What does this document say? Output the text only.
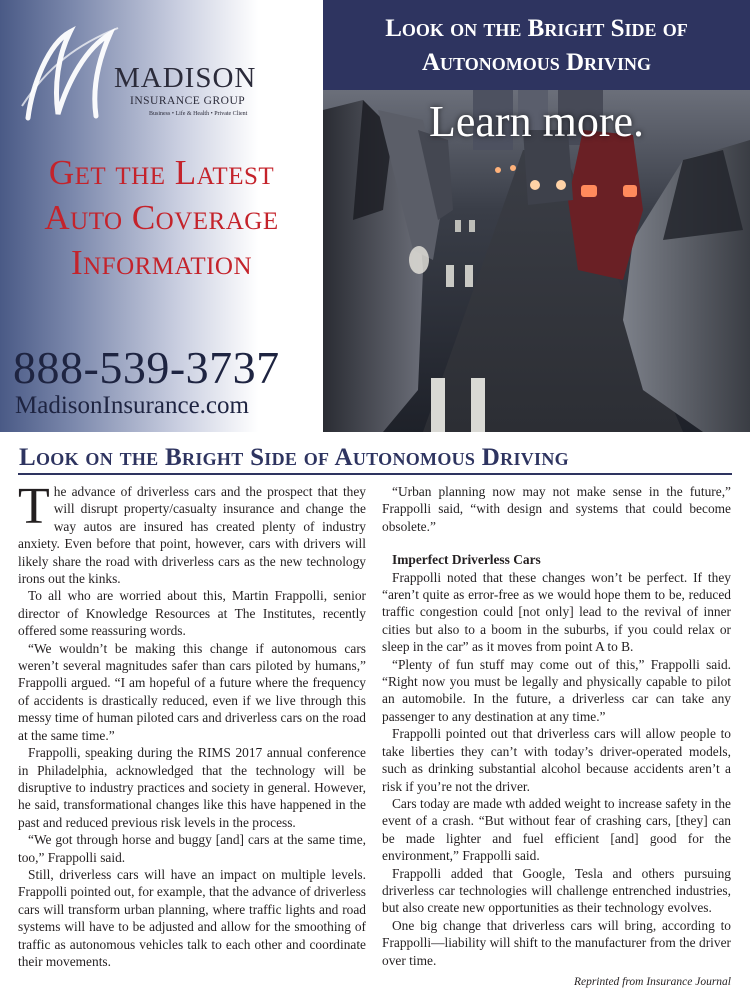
MADISON
INSURANCE GROUP
Business • Life & Health • Private Client
Get the Latest
Auto Coverage
Information
888-539-3737
MadisonInsurance.com
Look on the Bright Side of
Autonomous Driving
Learn more.
Look on the Bright Side of Autonomous Driving

The advance of driverless cars and the prospect that they will disrupt property/casualty insurance and change the way autos are insured has created plenty of industry anxiety. Even before that point, however, cars with drivers will likely share the road with driverless cars as the new technology irons out the kinks.

To all who are worried about this, Martin Frappolli, senior director of Knowledge Resources at The Institutes, recently offered some reassuring words.

“We wouldn’t be making this change if autonomous cars weren’t several magnitudes safer than cars piloted by humans,” Frappolli argued. “I am hopeful of a future where the frequency of accidents is drastically reduced, even if we live through this messy time of human piloted cars and driverless cars on the road at the same time.”

Frappolli, speaking during the RIMS 2017 annual conference in Philadelphia, acknowledged that the technology will be disruptive to industry practices and society in general. However, he said, transformational changes like this have happened in the past and reduced previous risk levels in the process.

“We got through horse and buggy [and] cars at the same time, too,” Frappolli said.

Still, driverless cars will have an impact on multiple levels. Frappolli pointed out, for example, that the advance of driverless cars will transform urban planning, where traffic lights and road systems will have to be adjusted and allow for the smoothing of traffic as autonomous vehicles talk to each other and coordinate their movements.

“Urban planning now may not make sense in the future,” Frappolli said, “with design and systems that could become obsolete.”

Imperfect Driverless Cars

Frappolli noted that these changes won’t be perfect. If they “aren’t quite as error-free as we would hope them to be, reduced traffic congestion could [not only] lead to the revival of inner cities but also to a boom in the suburbs, if you could relax or sleep in the car” as it moves from point A to B.

“Plenty of fun stuff may come out of this,” Frappolli said. “Right now you must be legally and physically capable to pilot an automobile. In the future, a driverless car can take any passenger to any destination at any time.”

Frappolli pointed out that driverless cars will allow people to take liberties they can’t with today’s driver-operated models, such as drinking substantial alcohol because accidents aren’t a risk if you’re not the driver.

Cars today are made wth added weight to increase safety in the event of a crash. “But without fear of crashing cars, [they] can be made lighter and fuel efficient [and] good for the environment,” Frappolli said.

Frappolli added that Google, Tesla and others pursuing driverless car technologies will challenge entrenched industries, but also create new opportunities as their technology evolves.

One big change that driverless cars will bring, according to Frappolli—liability will shift to the manufacturer from the driver over time.

Reprinted from Insurance Journal
